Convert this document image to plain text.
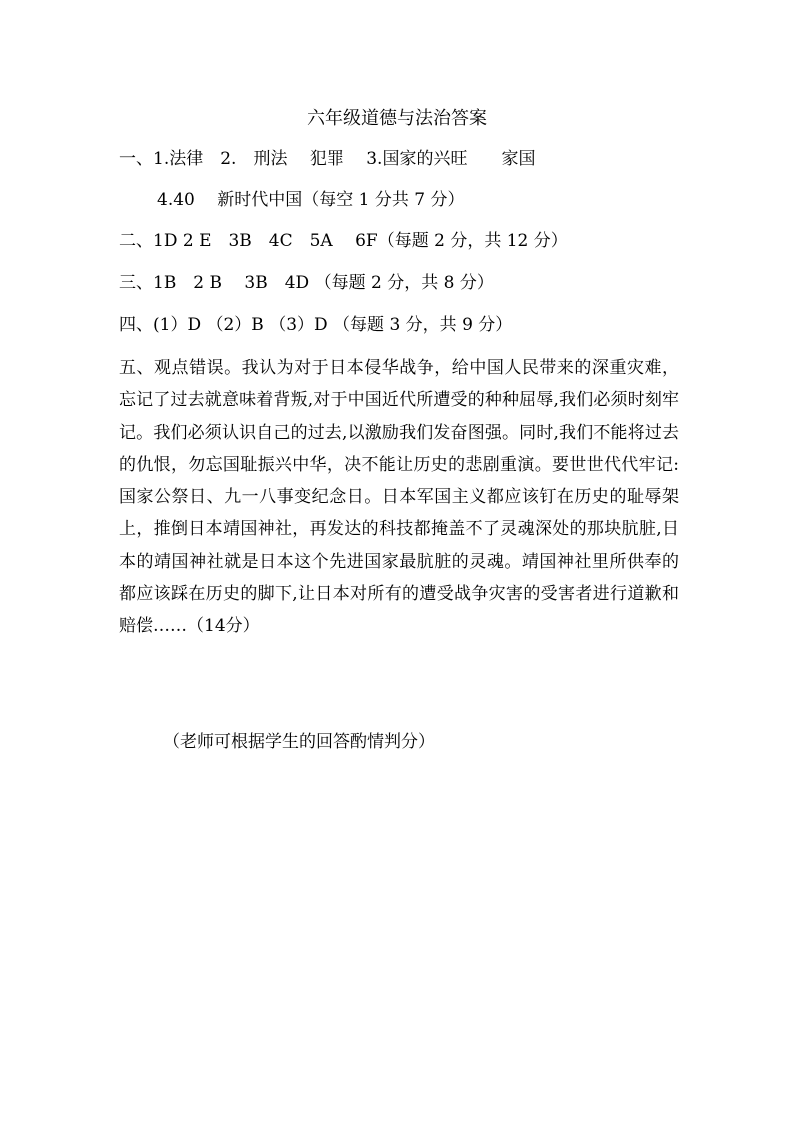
六年级道德与法治答案
一、1.法律　2.　刑法　 犯罪　 3.国家的兴旺　　家国
4.40　 新时代中国（每空 1 分共 7 分）
二、1D 2 E　3B　4C　5A　 6F（每题 2 分，共 12 分）
三、1B　2 B　 3B　4D （每题 2 分，共 8 分）
四、(1）D （2）B （3）D （每题 3 分，共 9 分）
五、观点错误。我认为对于日本侵华战争，给中国人民带来的深重灾难，忘记了过去就意味着背叛,对于中国近代所遭受的种种屈辱,我们必须时刻牢记。我们必须认识自己的过去,以激励我们发奋图强。同时,我们不能将过去的仇恨，勿忘国耻振兴中华，决不能让历史的悲剧重演。要世世代代牢记: 国家公祭日、九一八事变纪念日。日本军国主义都应该钉在历史的耻辱架上，推倒日本靖国神社，再发达的科技都掩盖不了灵魂深处的那块肮脏,日本的靖国神社就是日本这个先进国家最肮脏的灵魂。靖国神社里所供奉的都应该踩在历史的脚下,让日本对所有的遭受战争灾害的受害者进行道歉和赔偿……（14分）
（老师可根据学生的回答酌情判分）
